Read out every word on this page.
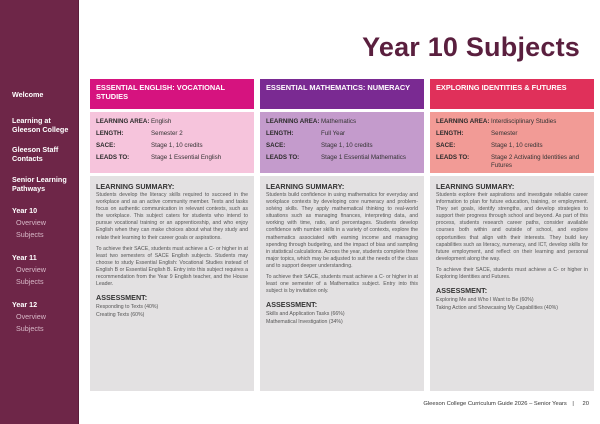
Welcome
Learning at Gleeson College
Gleeson Staff Contacts
Senior Learning Pathways
Year 10
Overview
Subjects
Year 11
Overview
Subjects
Year 12
Overview
Subjects
Year 10 Subjects
ESSENTIAL ENGLISH: VOCATIONAL STUDIES
LEARNING AREA: English
LENGTH:	Semester 2
SACE:	Stage 1, 10 credits
LEADS TO:	Stage 1 Essential English
LEARNING SUMMARY:

Students develop the literacy skills required to succeed in the workplace and as an active community member. Texts and tasks focus on authentic communication in relevant contexts, such as the workplace. This subject caters for students who intend to pursue vocational training or an apprenticeship, and who enjoy English when they can make choices about what they study and relate their learning to their career goals or aspirations.

To achieve their SACE, students must achieve a C- or higher in at least two semesters of SACE English subjects. Students may choose to study Essential English: Vocational Studies instead of English B or Essential English B. Entry into this subject requires a recommendation from the Year 9 English teacher, and the House Leader.

ASSESSMENT:
Responding to Texts (40%)
Creating Texts (60%)
ESSENTIAL MATHEMATICS: NUMERACY
LEARNING AREA: Mathematics
LENGTH:	Full Year
SACE:	Stage 1, 10 credits
LEADS TO:	Stage 1 Essential Mathematics
LEARNING SUMMARY:

Students build confidence in using mathematics for everyday and workplace contexts by developing core numeracy and problem-solving skills. They apply mathematical thinking to real-world situations such as managing finances, interpreting data, and working with time, ratio, and percentages. Students develop confidence with number skills in a variety of contexts, explore the mathematics associated with earning income and managing spending through budgeting, and the impact of bias and sampling in statistical calculations. Across the year, students complete three major topics, which may be adjusted to suit the needs of the class and to support deeper understanding.

To achieve their SACE, students must achieve a C- or higher in at least one semester of a Mathematics subject. Entry into this subject is by invitation only.

ASSESSMENT:
Skills and Application Tasks (66%)
Mathematical Investigation (34%)
EXPLORING IDENTITIES & FUTURES
LEARNING AREA: Interdisciplinary Studies
LENGTH:	Semester
SACE:	Stage 1, 10 credits
LEADS TO:	Stage 2 Activating Identities and Futures
LEARNING SUMMARY:

Students explore their aspirations and investigate reliable career information to plan for future education, training, or employment. They set goals, identify strengths, and develop strategies to support their progress through school and beyond. As part of this process, students research career paths, consider available courses both within and outside of school, and explore opportunities that align with their interests. They build key capabilities such as literacy, numeracy, and ICT, develop skills for future employment, and reflect on their learning and personal development along the way.

To achieve their SACE, students must achieve a C- or higher in Exploring Identities and Futures.

ASSESSMENT:
Exploring Me and Who I Want to Be (60%)
Taking Action and Showcasing My Capabilities (40%)
Gleeson College Curriculum Guide 2026 – Senior Years | 20
